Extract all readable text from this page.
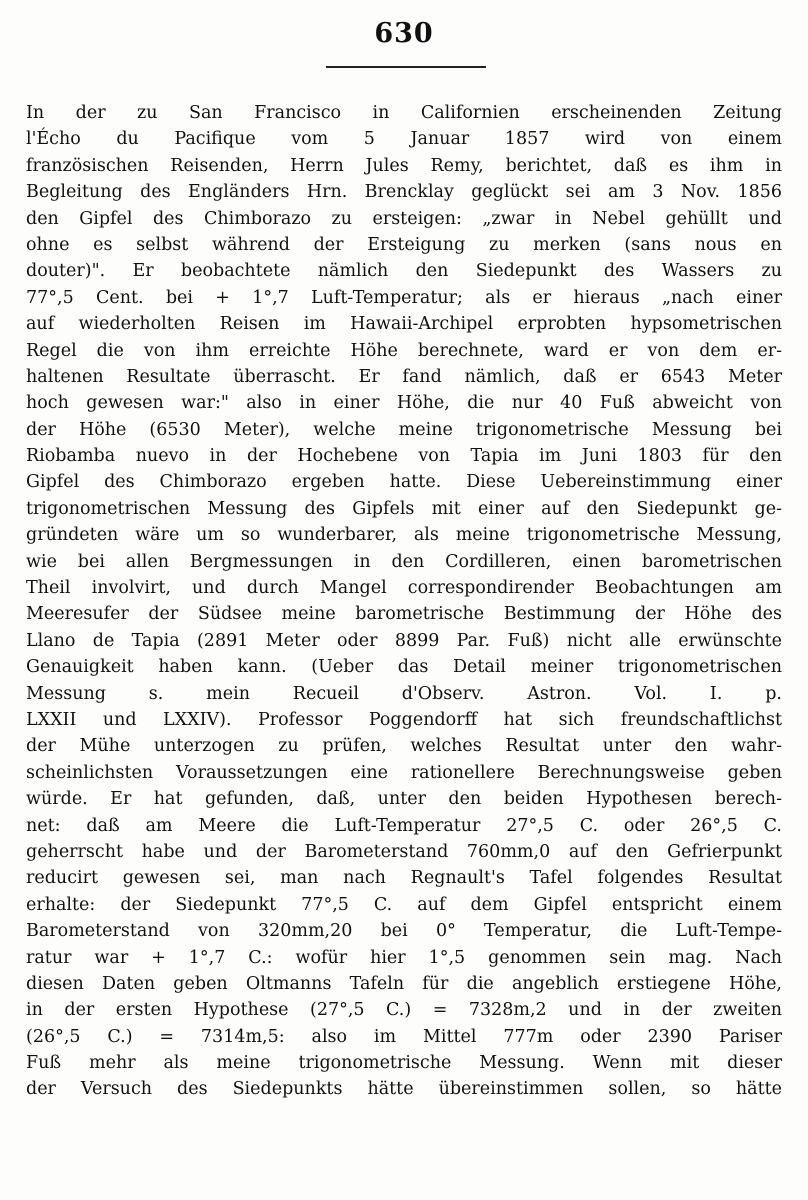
630
In der zu San Francisco in Californien erscheinenden Zeitung
l'Écho du Pacifique vom 5 Januar 1857 wird von einem
französischen Reisenden, Herrn Jules Remy, berichtet, daß es ihm in
Begleitung des Engländers Hrn. Brencklay geglückt sei am 3 Nov. 1856
den Gipfel des Chimborazo zu ersteigen: „zwar in Nebel gehüllt und
ohne es selbst während der Ersteigung zu merken (sans nous en
douter)". Er beobachtete nämlich den Siedepunkt des Wassers zu
77°,5 Cent. bei + 1°,7 Luft-Temperatur; als er hieraus „nach einer
auf wiederholten Reisen im Hawaii-Archipel erprobten hypsometrischen
Regel die von ihm erreichte Höhe berechnete, ward er von dem er-
haltenen Resultate überrascht. Er fand nämlich, daß er 6543 Meter
hoch gewesen war:" also in einer Höhe, die nur 40 Fuß abweicht von
der Höhe (6530 Meter), welche meine trigonometrische Messung bei
Riobamba nuevo in der Hochebene von Tapia im Juni 1803 für den
Gipfel des Chimborazo ergeben hatte. Diese Uebereinstimmung einer
trigonometrischen Messung des Gipfels mit einer auf den Siedepunkt ge-
gründeten wäre um so wunderbarer, als meine trigonometrische Messung,
wie bei allen Bergmessungen in den Cordilleren, einen barometrischen
Theil involvirt, und durch Mangel correspondirender Beobachtungen am
Meeresufer der Südsee meine barometrische Bestimmung der Höhe des
Llano de Tapia (2891 Meter oder 8899 Par. Fuß) nicht alle erwünschte
Genauigkeit haben kann. (Ueber das Detail meiner trigonometrischen
Messung s. mein Recueil d'Observ. Astron. Vol. I. p.
LXXII und LXXIV). Professor Poggendorff hat sich freundschaftlichst
der Mühe unterzogen zu prüfen, welches Resultat unter den wahr-
scheinlichsten Voraussetzungen eine rationellere Berechnungsweise geben
würde. Er hat gefunden, daß, unter den beiden Hypothesen berech-
net: daß am Meere die Luft-Temperatur 27°,5 C. oder 26°,5 C.
geherrscht habe und der Barometerstand 760mm,0 auf den Gefrierpunkt
reducirt gewesen sei, man nach Regnault's Tafel folgendes Resultat
erhalte: der Siedepunkt 77°,5 C. auf dem Gipfel entspricht einem
Barometerstand von 320mm,20 bei 0° Temperatur, die Luft-Tempe-
ratur war + 1°,7 C.: wofür hier 1°,5 genommen sein mag. Nach
diesen Daten geben Oltmanns Tafeln für die angeblich erstiegene Höhe,
in der ersten Hypothese (27°,5 C.) = 7328m,2 und in der zweiten
(26°,5 C.) = 7314m,5: also im Mittel 777m oder 2390 Pariser
Fuß mehr als meine trigonometrische Messung. Wenn mit dieser
der Versuch des Siedepunkts hätte übereinstimmen sollen, so hätte
